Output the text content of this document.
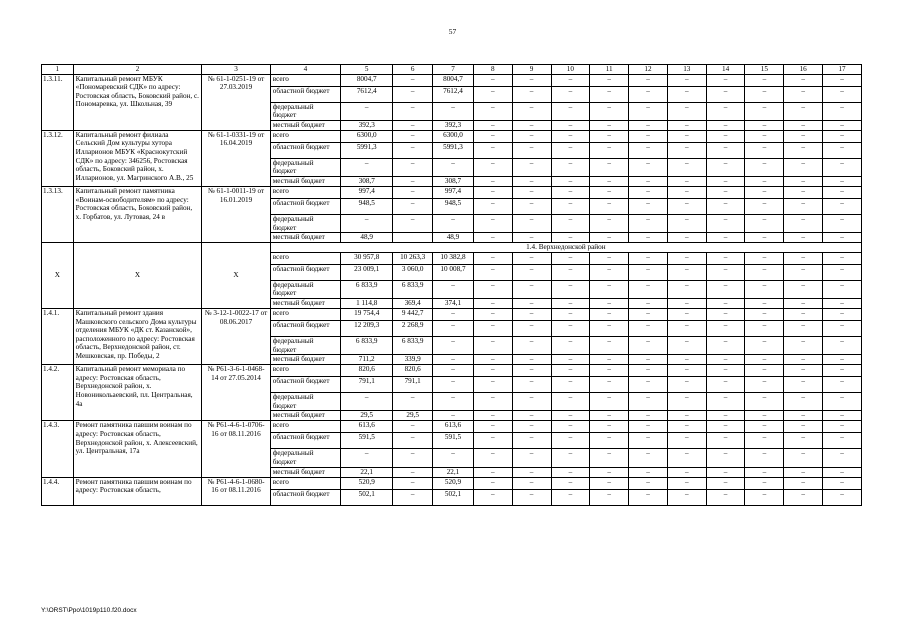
57
1	2	3	4	5	6	7	8	9	10	11	12	13	14	15	16	17
1.3.11.	Капитальный ремонт МБУК «Пономаревский СДК» по адресу: Ростовская область, Боковский район, с. Пономаревка, ул. Школьная, 39	№ 61-1-0251-19 от 27.03.2019	всего	8004,7	–	8004,7	–	–	–	–	–	–	–	–	–	–
			областной бюджет	7612,4	–	7612,4	–	–	–	–	–	–	–	–	–	–
			федеральный бюджет	–	–	–	–	–	–	–	–	–	–	–	–	–
			местный бюджет	392,3	–	392,3	–	–	–	–	–	–	–	–	–	–
1.3.12.	Капитальный ремонт филиала Сельский Дом культуры хутора Илларионов МБУК «Краснокутский СДК» по адресу: 346256, Ростовская область, Боковский район, х. Илларионов, ул. Магринского А.В., 25	№ 61-1-0331-19 от 16.04.2019	всего	6300,0	–	6300,0	–	–	–	–	–	–	–	–	–	–
			областной бюджет	5991,3	–	5991,3	–	–	–	–	–	–	–	–	–	–
			федеральный бюджет	–	–	–	–	–	–	–	–	–	–	–	–	–
			местный бюджет	308,7	–	308,7	–	–	–	–	–	–	–	–	–	–
1.3.13.	Капитальный ремонт памятника «Воинам-освободителям» по адресу: Ростовская область, Боковский район, х. Горбатов, ул. Лутовая, 24 в	№ 61-1-0011-19 от 16.01.2019	всего	997,4	–	997,4	–	–	–	–	–	–	–	–	–	–
			областной бюджет	948,5	–	948,5	–	–	–	–	–	–	–	–	–	–
			федеральный бюджет	–	–	–	–	–	–	–	–	–	–	–	–	–
			местный бюджет	48,9		48,9	–	–	–	–	–	–	–	–	–	–
X	X	X	1.4. Верхнедонской район													
			всего	30 957,8	10 263,3	10 382,8	–	–	–	–	–	–	–	–	–	–
			областной бюджет	23 009,1	3 060,0	10 008,7	–	–	–	–	–	–	–	–	–	–
			федеральный бюджет	6 833,9	6 833,9	–	–	–	–	–	–	–	–	–	–	–
			местный бюджет	1 114,8	369,4	374,1	–	–	–	–	–	–	–	–	–	–
1.4.1.	Капитальный ремонт здания Машковского сельского Дома культуры отделения МБУК «ДК ст. Казанской», расположенного по адресу: Ростовская область, Верхнедонской район, ст. Мешковская, пр. Победы, 2	№ 3-12-1-0022-17 от 08.06.2017	всего	19 754,4	9 442,7	–	–	–	–	–	–	–	–	–	–	–
			областной бюджет	12 209,3	2 268,9	–	–	–	–	–	–	–	–	–	–	–
			федеральный бюджет	6 833,9	6 833,9	–	–	–	–	–	–	–	–	–	–	–
			местный бюджет	711,2	339,9	–	–	–	–	–	–	–	–	–	–	–
1.4.2.	Капитальный ремонт мемориала по адресу: Ростовская область, Верхнедонской район, х. Новоникольаевский, пл. Центральная, 4а	№ Р61-3-6-1-0468-14 от 27.05.2014	всего	820,6	820,6	–	–	–	–	–	–	–	–	–	–	–
			областной бюджет	791,1	791,1	–	–	–	–	–	–	–	–	–	–	–
			федеральный бюджет	–	–	–	–	–	–	–	–	–	–	–	–	–
			местный бюджет	29,5	29,5	–	–	–	–	–	–	–	–	–	–	–
1.4.3.	Ремонт памятника павшим воинам по адресу: Ростовская область, Верхнедонской район, х. Алексеевский, ул. Центральная, 17а	№ Р61-4-6-1-0706-16 от 08.11.2016	всего	613,6	–	613,6	–	–	–	–	–	–	–	–	–	–
			областной бюджет	591,5	–	591,5	–	–	–	–	–	–	–	–	–	–
			федеральный бюджет	–	–	–	–	–	–	–	–	–	–	–	–	–
			местный бюджет	22,1	–	22,1	–	–	–	–	–	–	–	–	–	–
1.4.4.	Ремонт памятника павшим воинам по адресу: Ростовская область,	№ Р61-4-6-1-0680-16 от 08.11.2016	всего	520,9	–	520,9	–	–	–	–	–	–	–	–	–	–
			областной бюджет	502,1	–	502,1	–	–	–	–	–	–	–	–	–	–
Y:\ORST\Ppo\1019p110.f20.docx
